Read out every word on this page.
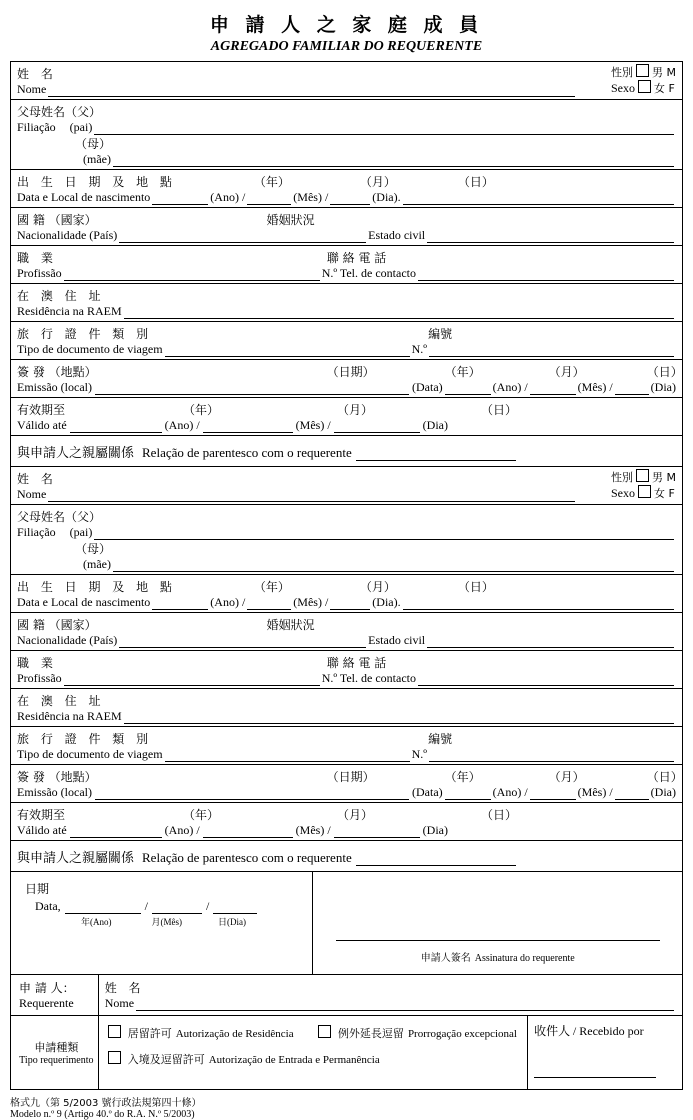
申 請 人 之 家 庭 成 員
AGREGADO FAMILIAR DO REQUERENTE
性別 男 M
Sexo 女 F
姓 名
Nome
父母姓名（父）
Filiação (pai)
（母）
(mãe)
出 生 日 期 及 地 點	（年）	（月）	（日）
Data e Local de nascimento	(Ano) /	(Mês) /	(Dia).
國 籍 （國家）	婚姻狀況
Nacionalidade (País)	Estado civil
職 業	聯 絡 電 話
Profissão	N.º Tel. de contacto
在 澳 住 址
Residência na RAEM
旅 行 證 件 類 別	編號
Tipo de documento de viagem	N.º
簽 發 （地點）	（日期）	（年）	（月）	（日）
Emissão (local)	(Data)	(Ano) /	(Mês) /	(Dia)
有效期至	（年）	（月）	（日）
Válido até	(Ano) /	(Mês) /	(Dia)
與申請人之親屬關係 Relação de parentesco com o requerente
性別 男 M
Sexo 女 F
姓 名
Nome
父母姓名（父）
Filiação (pai)
（母）
(mãe)
出 生 日 期 及 地 點	（年）	（月）	（日）
Data e Local de nascimento	(Ano) /	(Mês) /	(Dia).
國 籍 （國家）	婚姻狀況
Nacionalidade (País)	Estado civil
職 業	聯 絡 電 話
Profissão	N.º Tel. de contacto
在 澳 住 址
Residência na RAEM
旅 行 證 件 類 別	編號
Tipo de documento de viagem	N.º
簽 發 （地點）	（日期）	（年）	（月）	（日）
Emissão (local)	(Data)	(Ano) /	(Mês) /	(Dia)
有效期至	（年）	（月）	（日）
Válido até	(Ano) /	(Mês) /	(Dia)
與申請人之親屬關係 Relação de parentesco com o requerente
日期
Data,	/	/
年(Ano)	月(Mês)	日(Dia)

申請人簽名 Assinatura do requerente
申 請 人：
Requerente

姓 名
Nome
申請種類
Tipo requerimento

居留許可 Autorização de Residência	例外延長逗留 Prorrogação excepcional
入境及逗留許可 Autorização de Entrada e Permanência

收件人 / Recebido por
格式九（第 5/2003 號行政法規第四十條）
Modelo n.º 9 (Artigo 40.º do R.A. N.º 5/2003)
